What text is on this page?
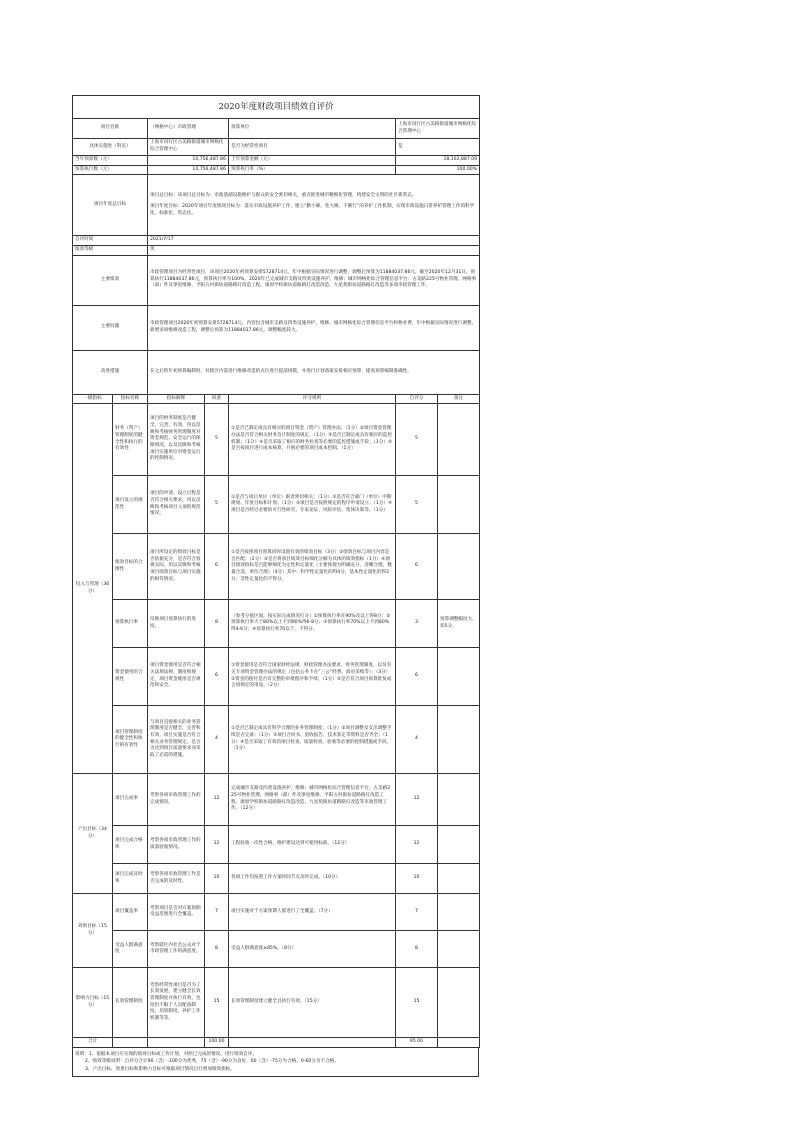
2020年度财政项目绩效自评价						
项目名称		（网格中心）市政管理		预算单位	上海市闵行区古美路街道城市网格化综合管理中心	
具体实施处（科室）		上海市闵行区古美路街道城市网格化综合管理中心		是否为经常性项目	是	
当年预算数（元）		10,756,487.86		上年预算金额（元）	18,102,887.09	
预算执行数（元）		10,756,487.86		预算执行率（%）	100.00%	
项目年度总目标		项目总目标：该项目总目标为：市政基础设施维护与群众的安全密切相关，重点推进城市精细化管理，构建安全文明的社区新常态。
项目年度目标：2020年项目年度绩效目标为：落实市政设施养护工作，建立“勤小修、免大修、不断行”的养护工作机制，实现市政设施日常养护管理工作的科学化、标准化、常态化。				

自评时间		2021/7/17				
绩效等级		优				
主要绩效		市政管理项目为经常性项目，该项目2020年初预算安排5728714元，年中根据实际情况进行调整，调整后预算为11884037.86元，截至2020年12月31日，预算执行11884037.86元，预算执行率为100%。2020年已完成城市支路及四类设施养护、维修；城市网格化综合管理信息平台；古美路225号物业管理、网格事（部）件及零星维修，平阳五村街坊道路路灯改造工程、康原学校街坊道路路灯改造改造、九星苑街坊道路路灯改造等多项市政管理工作。				
主要问题		市政管理项目2020年初预算安排5728714元，内容包含城市支路及四类设施养护、维修、城市网格化综合管理信息平台和物业费，年中根据实际情况进行调整，新增多项维修改造工程，调整后预算为11884037.86元，调整幅度较大。				
改进措施		在之后的年初预算编制时，对辖区内需进行维修改造的点位进行提前排摸，并进行计划备案安排相应预算，提高预算编制准确性。				
一级指标	指标名称	指标解释	权重	评分规则	自评分	备注
投入与管理（36分）	财务（资产）管理制度的健全性和执行的有效性	项目的财务制度是否健全、完善、有效，用以反映和考核财务管理制度对资金规范、安全运行的保障情况，以及反映和考核项目实施单位对资金运行的控制情况。	5	①是否已制定或具有相应的项目资金（资产）管理办法；（1分）②项目资金管理办法是否符合相关财务会计制度的规定。（1分）③是否已制定或具有相应的监控机制；（1分）④是否采取了相应的财务检查等必要的监控措施或手段；（1分）⑤是否按项目进行成本核算，开展必要的项目成本控制。（1分）	5	
	项目设立的规范性	项目的申请、设立过程是否符合相关要求，用以反映和考核项目立项的规范情况。	5	①是否与项目单位（单位）职责密切相关；（1分）②是否符合部门（单位）中期规划、年度目标和计划；（1分）③项目是否按照规定的程序申请设立；（1分）④项目是否经过必要的可行性研究、专家论证、风险评估、集体决策等。（1分）	5	
	绩效目标的合理性	项目所设定的绩效目标是否依据充分，是否符合客观实际，用以反映和考核项目绩效目标与项目实施的相符情况。	6	①是否按照项目预算同时设置有效的绩效目标（3分）②绩效目标与项目内容是否匹配；（2分）③是否将项目绩效目标细化分解为具体的绩效指标（1分）④项目绩效指标是否能够细化为定性和定量化（主要体现为明确充分、清晰合理、数量合适、单位合理）（4分）其中：科学性定量化的得4分，基本性定量化的得2分，非性定量化的不得分。	6	
	预算执行率	反映项目预算执行的进度。	8	（参考分值区间，按实际完成情况打分）①预算执行率在90%及以上得8分；②预算执行率大于80%以上不到90%得6-8分；③预算执行率70%以上不到80%得4-6分；④预算执行率70以下，不得分。	3	预算调整幅度大，扣5分。
	资金使用的合规性	项目资金使用是否符合相关法规法规、制度和规定，项目资金使用是否规范和安全。	6	①资金使用是否符合国家财经法规、财政管理办法要求，财务管理制度，以及有关专项资金管理办法的规定（包括公务卡在“三公”经费、政府采购等）；（3分）②资金的拨付是否有完整的审批程序和手续；（1分）③是否符合项目预算批复或合同规定的用途。（2分）	6	
	项目管理制度的健全性和执行的有效性	与项目直接相关的业务管理制度是否健全、完善和有效，项目实施是否符合相关业务管理规定，是否为达到项目质量要求而采取了必需的措施。	4	①是否已制定或具有科学合理的业务管理制度；（1分）②项目调整及支出调整手续是否完备；（1分）③项目合同书、验收报告、技术鉴定等资料是否齐全；（1分）④是否采取了有效的项目检查、质量检查、验收等必要的控制措施或手段。（1分）	4	
产出目标（34分）	项目完成率	考察各项市政管理工作的完成情况。	12	完成城市支路及四类设施养护、维修；城市网格化综合管理信息平台；古美路225号物业管理、网格事（部）件及零星维修、平阳五村街坊道路路灯改造工程、康原学校街坊道路路灯改造改造、九星苑街坊道路路灯改造等市政管理工作。（12分）	12	
	项目完成合格率	考察各项市政管理工作的质量验收情况。	12	工程验收一次性合格、维护建设达到可使用标准。（12分）	12	
	项目完成及时率	考察各项市政管理工作是否完成的及时性。	10	各项工作均按照工作方案时间节点及时完成。（10分）	10	
效果目标（15分）	项目覆盖率	考察项目是否对方案预期受益范围进行全覆盖。	7	项目实施对于方案预期人群进行了全覆盖。（7分）	7	
	受益人群满意度	考察辖区内社会公众对于市政管理工作的满意度。	8	受益人群满意度≥85%。（8分）	8	
影响力目标（15分）	长效管理制度	考察经常性项目是否为了长效发展，建立健全长效管理制度并执行有效，包括但不限于人员配备制度、培训制度、养护工作机制等等。	15	长效管理制度建立健全且执行有效。（15分）	15	
合计			100.00		95.00	
说明：1、依据本项目应实现的绩效目标或工作计划，对照已完成的情况，进行绩效自评。
2、绩效等级说明：自评分合计90（含）-100分为优秀，75（含）-90分为良好，60（含）-75分为合格，0-60分为不合格。
3、产出目标、效果目标和影响力目标可根据项目情况自行增加绩效指标。
